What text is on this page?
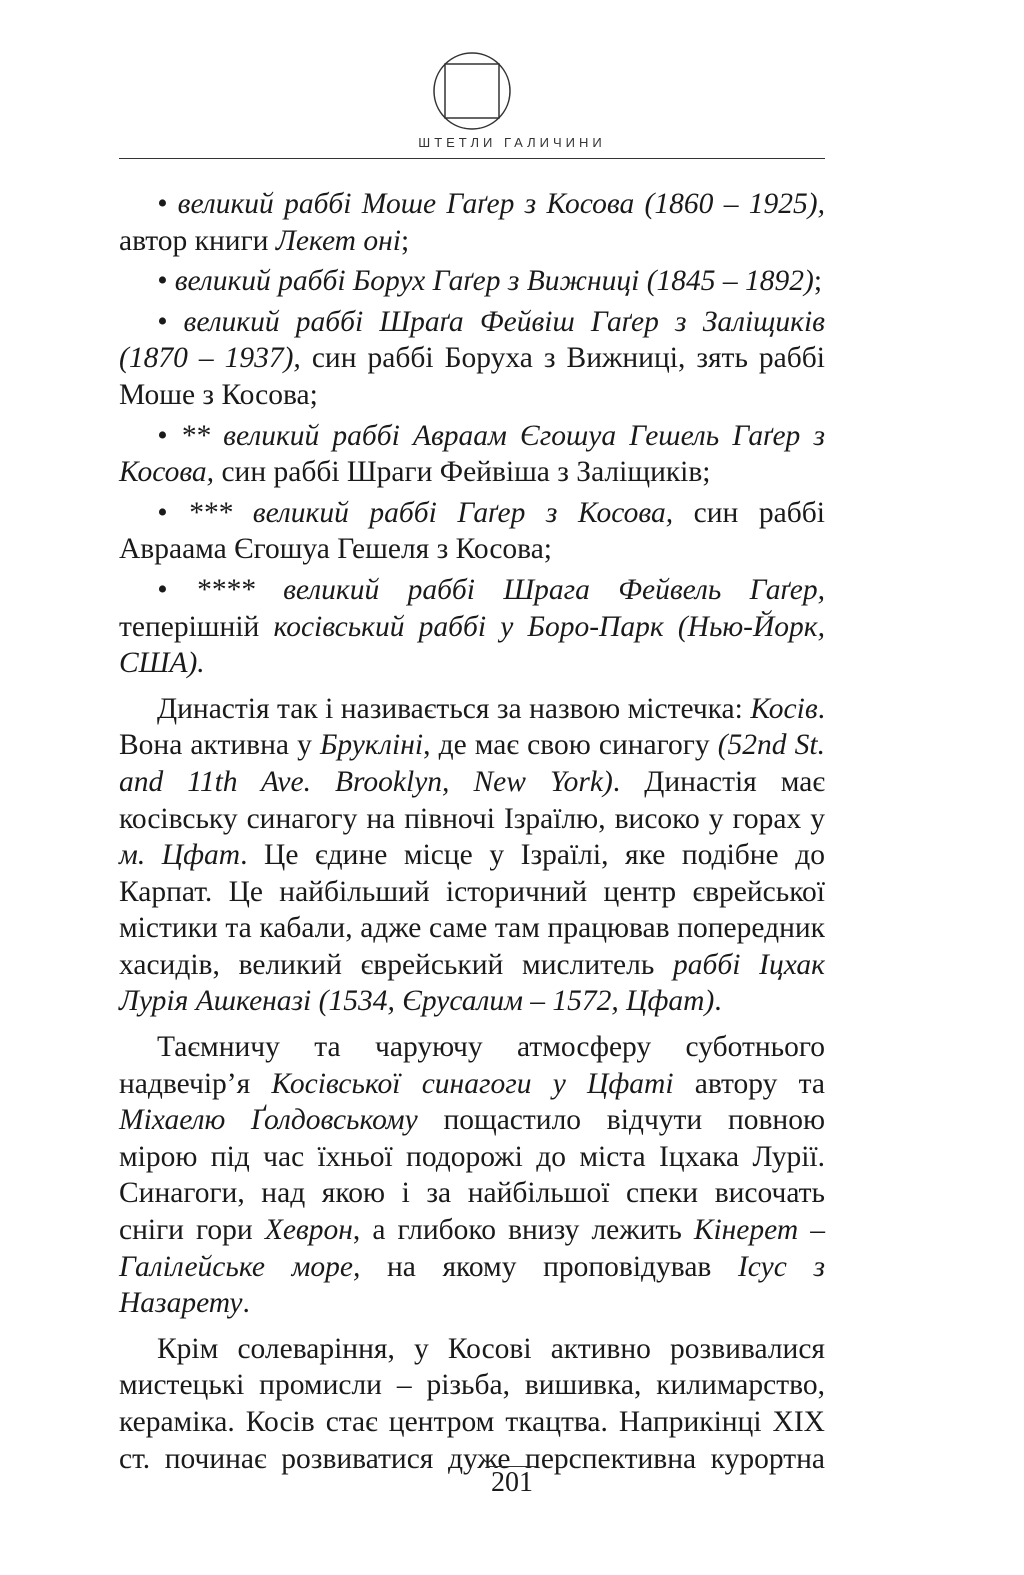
ШТЕТЛИ ГАЛИЧИНИ

• великий раббі Моше Гаґер з Косова (1860 – 1925), автор книги Лекет оні;

• великий раббі Борух Гаґер з Вижниці (1845 – 1892);

• великий раббі Шраґа Фейвіш Гаґер з Заліщиків (1870 – 1937), син раббі Боруха з Вижниці, зять раббі Моше з Косова;

• ** великий раббі Авраам Єгошуа Гешель Гаґер з Косова, син раббі Шраги Фейвіша з Заліщиків;

• *** великий раббі Гаґер з Косова, син раббі Авраама Єгошуа Гешеля з Косова;

• **** великий раббі Шрага Фейвель Гаґер, теперішній косівський раббі у Боро-Парк (Нью-Йорк, США).

Династія так і називається за назвою містечка: Косів. Вона активна у Брукліні, де має свою синагогу (52nd St. and 11th Ave. Brooklyn, New York). Династія має косівську синагогу на півночі Ізраїлю, високо у горах у м. Цфат. Це єдине місце у Ізраїлі, яке подібне до Карпат. Це найбільший історичний центр єврейської містики та кабали, адже саме там працював попередник хасидів, великий єврейський мислитель раббі Іцхак Лурія Ашкеназі (1534, Єрусалим – 1572, Цфат).

Таємничу та чаруючу атмосферу суботнього надвечір’я Косівської синагоги у Цфаті автору та Міхаелю Ґолдовському пощастило відчути повною мірою під час їхньої подорожі до міста Іцхака Лурії. Синагоги, над якою і за найбільшої спеки височать сніги гори Хеврон, а глибоко внизу лежить Кінерет – Галілейське море, на якому проповідував Ісус з Назарету.

Крім солеваріння, у Косові активно розвивалися мистецькі промисли – різьба, вишивка, килимарство, кераміка. Косів стає центром ткацтва. Наприкінці XIX ст. починає розвиватися дуже перспективна курортна

201
